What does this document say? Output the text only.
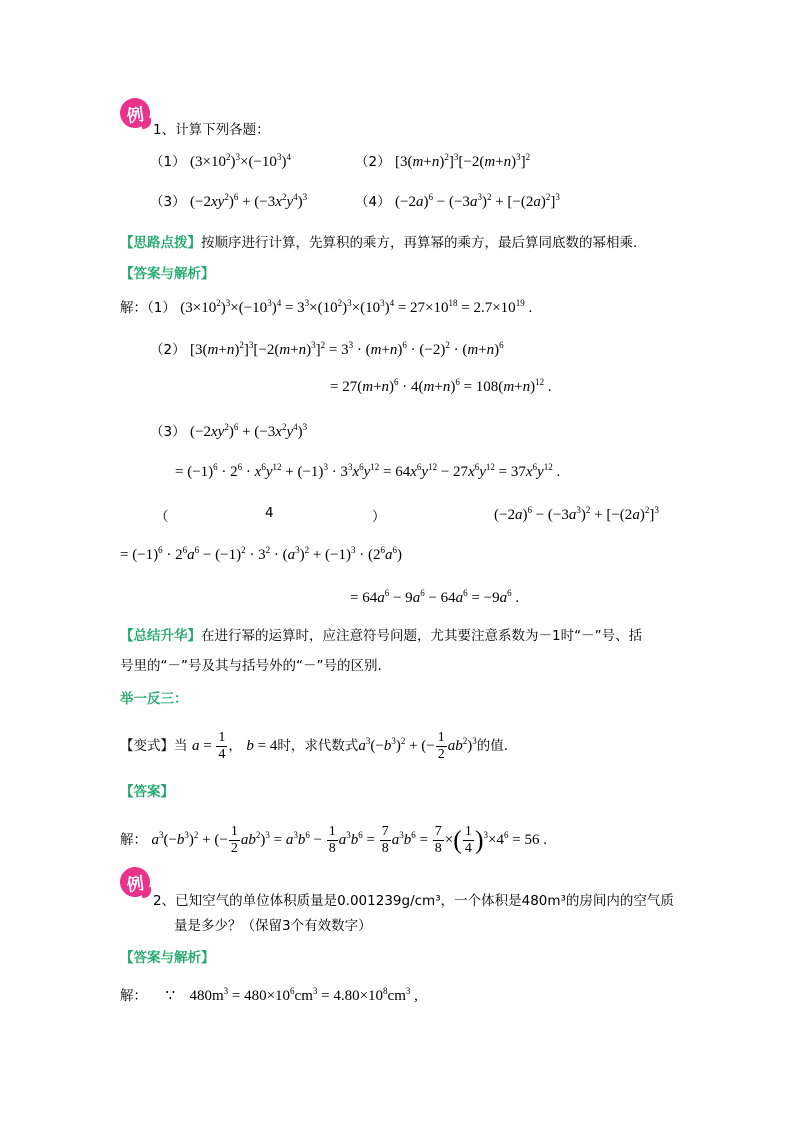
例
1、计算下列各题：
（1） $(3\times 10^2)^3\times(-10^3)^4$	（2） $[3(m+n)^2]^3[-2(m+n)^3]^2$
（3） $(-2xy^2)^6 + (-3x^2y^4)^3$	（4） $(-2a)^6 - (-3a^3)^2 + [-(2a)^2]^3$
【思路点拨】按顺序进行计算，先算积的乘方，再算幂的乘方，最后算同底数的幂相乘.
【答案与解析】
解：（1） $(3\times 10^2)^3\times(-10^3)^4 = 3^3\times(10^2)^3\times(10^3)^4 = 27\times 10^{18} = 2.7\times 10^{19}$ .
（2） $[3(m+n)^2]^3[-2(m+n)^3]^2 = 3^3 \cdot (m+n)^6 \cdot (-2)^2 \cdot (m+n)^6$
= $27(m+n)^6 \cdot 4(m+n)^6 = 108(m+n)^{12}$ .
（3） $(-2xy^2)^6 + (-3x^2y^4)^3$
= $(-1)^6 \cdot 2^6 \cdot x^6y^{12} + (-1)^3 \cdot 3^3x^6y^{12} = 64x^6y^{12} - 27x^6y^{12} = 37x^6y^{12}$ .
（	4	）	$(-2a)^6 - (-3a^3)^2 + [-(2a)^2]^3$
= $(-1)^6 \cdot 2^6a^6 - (-1)^2 \cdot 3^2 \cdot (a^3)^2 + (-1)^3 \cdot (2^6a^6)$
= $64a^6 - 9a^6 - 64a^6 = -9a^6$ .
【总结升华】在进行幂的运算时，应注意符号问题，尤其要注意系数为－1时“－”号、括
号里的“－”号及其与括号外的“－”号的区别.
举一反三：
【变式】当 $a = \frac{1}{4}$ ， b = 4时，求代数式$a^3(-b^3)^2$ + (− $\frac{1}{2} ab^2)^3$的值.
【答案】
解： $a^3(-b^3)^2$ + (− $\frac{1}{2} ab^2)^3 = a^3b^6 - \frac{1}{8} a^3b^6 = \frac{7}{8} a^3b^6 = \frac{7}{8}$ ×( $\frac{1}{4} )^3\times 4^6 = 56$ .
例
2、已知空气的单位体积质量是0.001239g/cm³，一个体积是480m³的房间内的空气质
量是多少？（保留3个有效数字）
【答案与解析】
解： ∵ $480m^3 = 480\times 10^6cm^3 = 4.80\times 10^8cm^3$ ,
